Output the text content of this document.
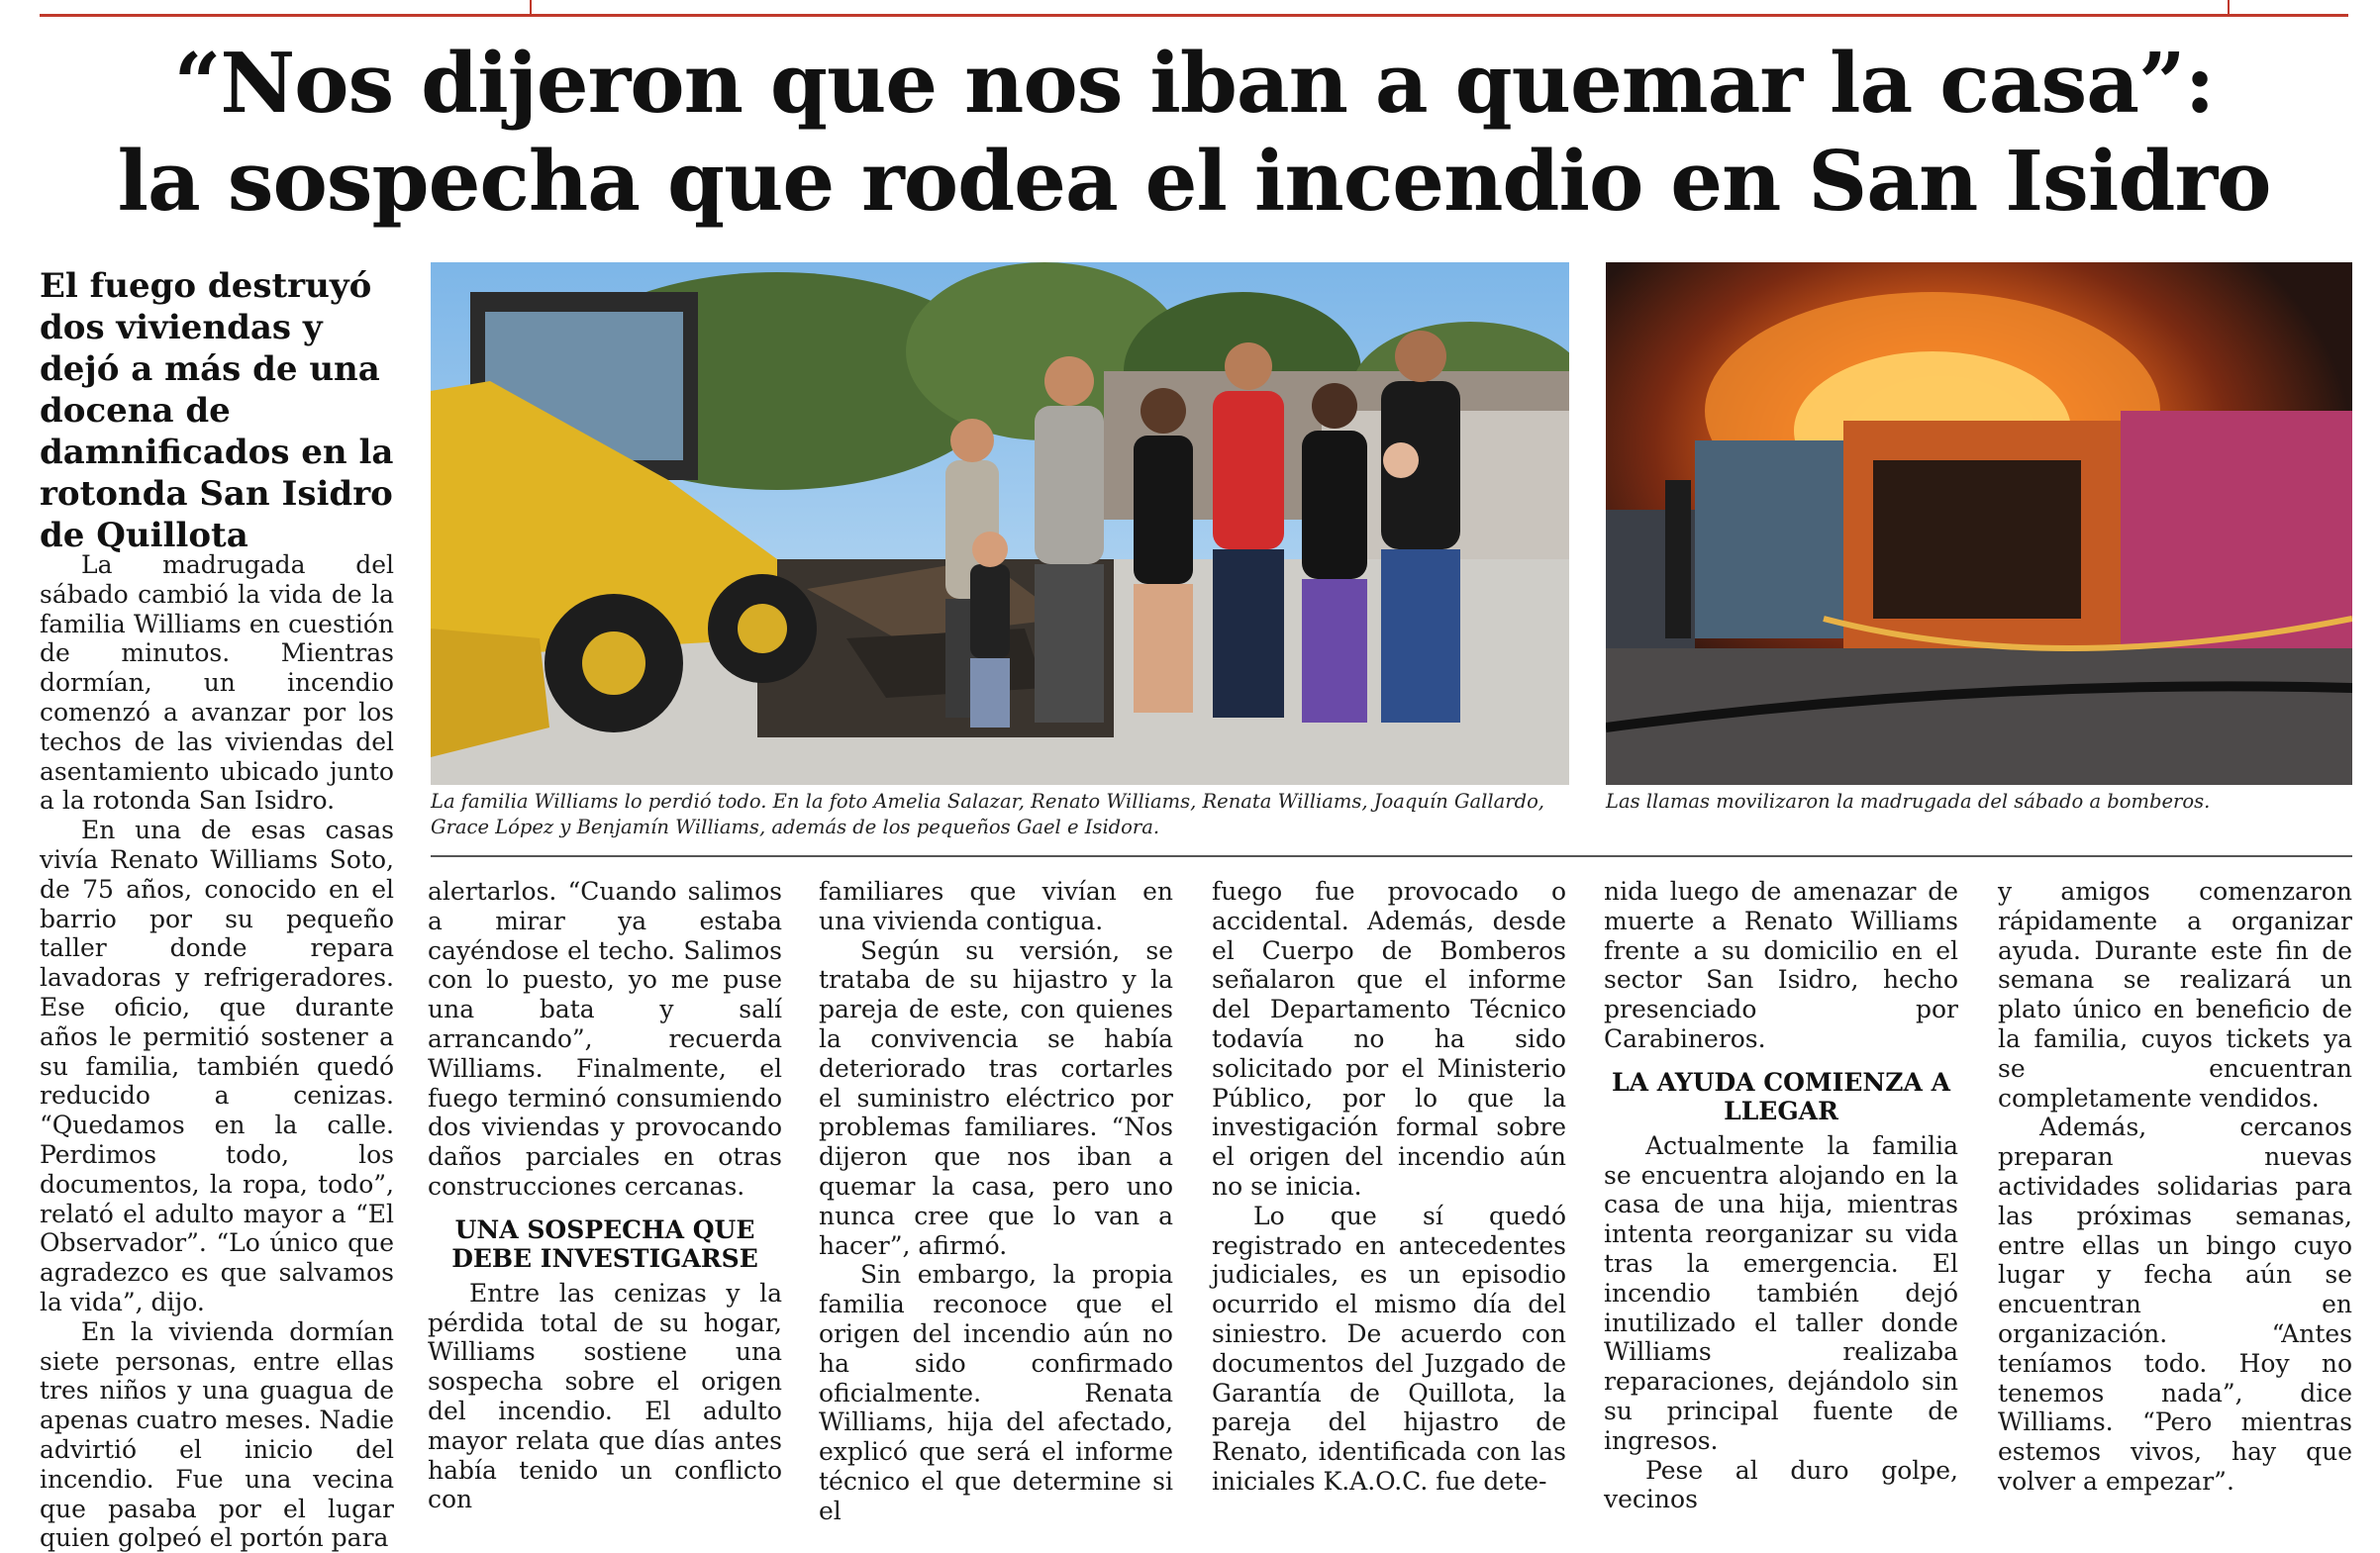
“Nos dijeron que nos iban a quemar la casa”:
la sospecha que rodea el incendio en San Isidro
El fuego destruyó dos viviendas y dejó a más de una docena de damnificados en la rotonda San Isidro de Quillota
La familia Williams lo perdió todo. En la foto Amelia Salazar, Renato Williams, Renata Williams, Joaquín Gallardo, Grace López y Benjamín Williams, además de los pequeños Gael e Isidora.
Las llamas movilizaron la madrugada del sábado a bomberos.

La madrugada del sábado cambió la vida de la familia Williams en cuestión de minutos. Mientras dormían, un incendio comenzó a avanzar por los techos de las viviendas del asentamiento ubicado junto a la rotonda San Isidro.

En una de esas casas vivía Renato Williams Soto, de 75 años, conocido en el barrio por su pequeño taller donde repara lavadoras y refrigeradores. Ese oficio, que durante años le permitió sostener a su familia, también quedó reducido a cenizas. “Quedamos en la calle. Perdimos todo, los documentos, la ropa, todo”, relató el adulto mayor a “El Observador”. “Lo único que agradezco es que salvamos la vida”, dijo.

En la vivienda dormían siete personas, entre ellas tres niños y una guagua de apenas cuatro meses. Nadie advirtió el inicio del incendio. Fue una vecina que pasaba por el lugar quien golpeó el portón para

alertarlos. “Cuando salimos a mirar ya estaba cayéndose el techo. Salimos con lo puesto, yo me puse una bata y salí arrancando”, recuerda Williams. Finalmente, el fuego terminó consumiendo dos viviendas y provocando daños parciales en otras construcciones cercanas.

UNA SOSPECHA QUE DEBE INVESTIGARSE

Entre las cenizas y la pérdida total de su hogar, Williams sostiene una sospecha sobre el origen del incendio. El adulto mayor relata que días antes había tenido un conflicto con

familiares que vivían en una vivienda contigua.

Según su versión, se trataba de su hijastro y la pareja de este, con quienes la convivencia se había deteriorado tras cortarles el suministro eléctrico por problemas familiares. “Nos dijeron que nos iban a quemar la casa, pero uno nunca cree que lo van a hacer”, afirmó.

Sin embargo, la propia familia reconoce que el origen del incendio aún no ha sido confirmado oficialmente. Renata Williams, hija del afectado, explicó que será el informe técnico el que determine si el

fuego fue provocado o accidental. Además, desde el Cuerpo de Bomberos señalaron que el informe del Departamento Técnico todavía no ha sido solicitado por el Ministerio Público, por lo que la investigación formal sobre el origen del incendio aún no se inicia.

Lo que sí quedó registrado en antecedentes judiciales, es un episodio ocurrido el mismo día del siniestro. De acuerdo con documentos del Juzgado de Garantía de Quillota, la pareja del hijastro de Renato, identificada con las iniciales K.A.O.C. fue dete-

nida luego de amenazar de muerte a Renato Williams frente a su domicilio en el sector San Isidro, hecho presenciado por Carabineros.

LA AYUDA COMIENZA A LLEGAR

Actualmente la familia se encuentra alojando en la casa de una hija, mientras intenta reorganizar su vida tras la emergencia. El incendio también dejó inutilizado el taller donde Williams realizaba reparaciones, dejándolo sin su principal fuente de ingresos.

Pese al duro golpe, vecinos

y amigos comenzaron rápidamente a organizar ayuda. Durante este fin de semana se realizará un plato único en beneficio de la familia, cuyos tickets ya se encuentran completamente vendidos.

Además, cercanos preparan nuevas actividades solidarias para las próximas semanas, entre ellas un bingo cuyo lugar y fecha aún se encuentran en organización. “Antes teníamos todo. Hoy no tenemos nada”, dice Williams. “Pero mientras estemos vivos, hay que volver a empezar”.
